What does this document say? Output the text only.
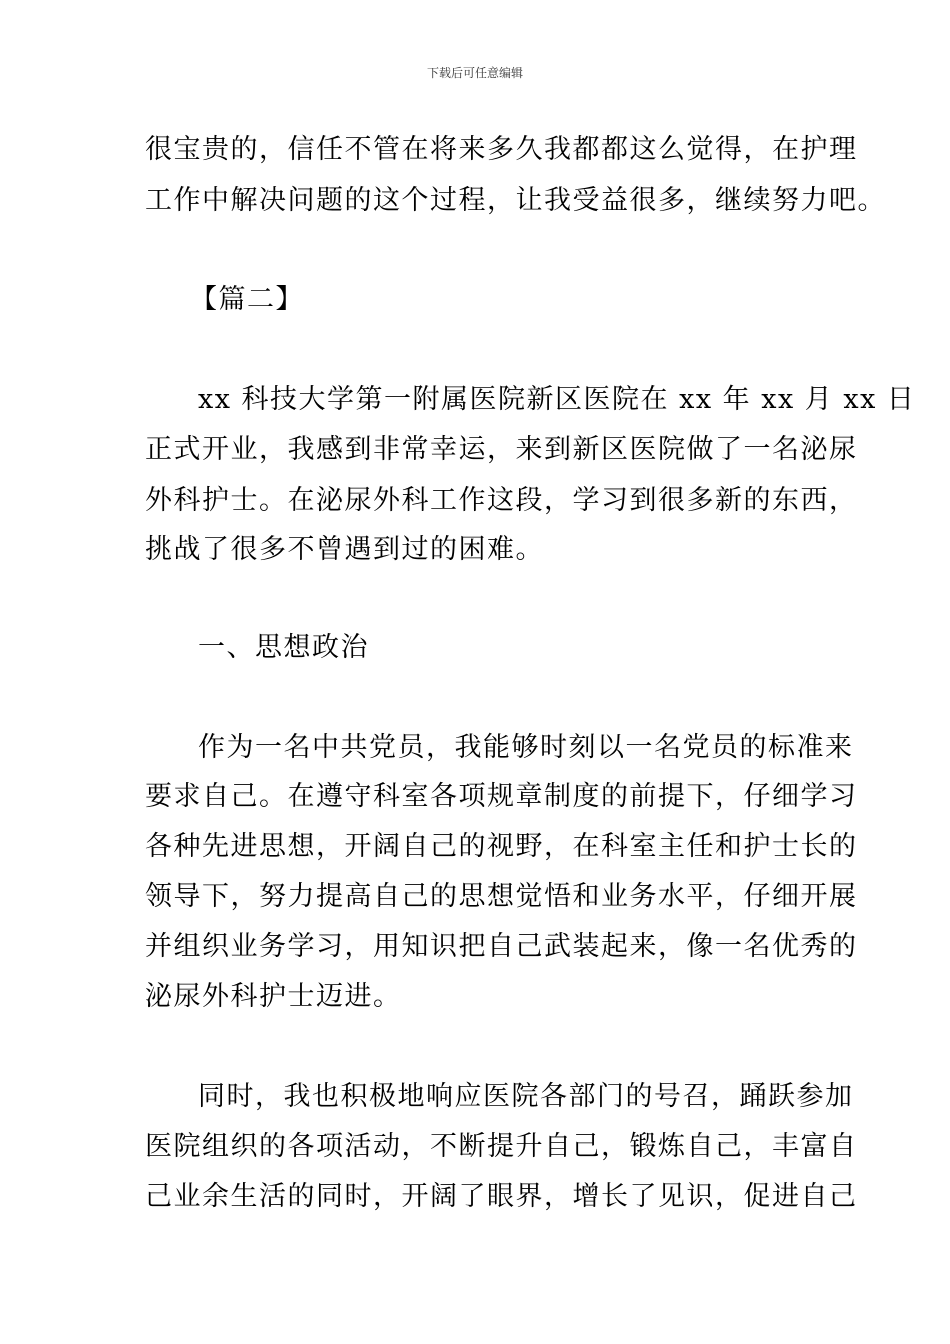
下载后可任意编辑
很宝贵的，信任不管在将来多久我都都这么觉得，在护理
工作中解决问题的这个过程，让我受益很多，继续努力吧。
【篇二】
xx 科技大学第一附属医院新区医院在 xx 年 xx 月 xx 日
正式开业，我感到非常幸运，来到新区医院做了一名泌尿
外科护士。在泌尿外科工作这段，学习到很多新的东西，
挑战了很多不曾遇到过的困难。
一、思想政治
作为一名中共党员，我能够时刻以一名党员的标准来
要求自己。在遵守科室各项规章制度的前提下，仔细学习
各种先进思想，开阔自己的视野，在科室主任和护士长的
领导下，努力提高自己的思想觉悟和业务水平，仔细开展
并组织业务学习，用知识把自己武装起来，像一名优秀的
泌尿外科护士迈进。
同时，我也积极地响应医院各部门的号召，踊跃参加
医院组织的各项活动，不断提升自己，锻炼自己，丰富自
己业余生活的同时，开阔了眼界，增长了见识，促进自己
